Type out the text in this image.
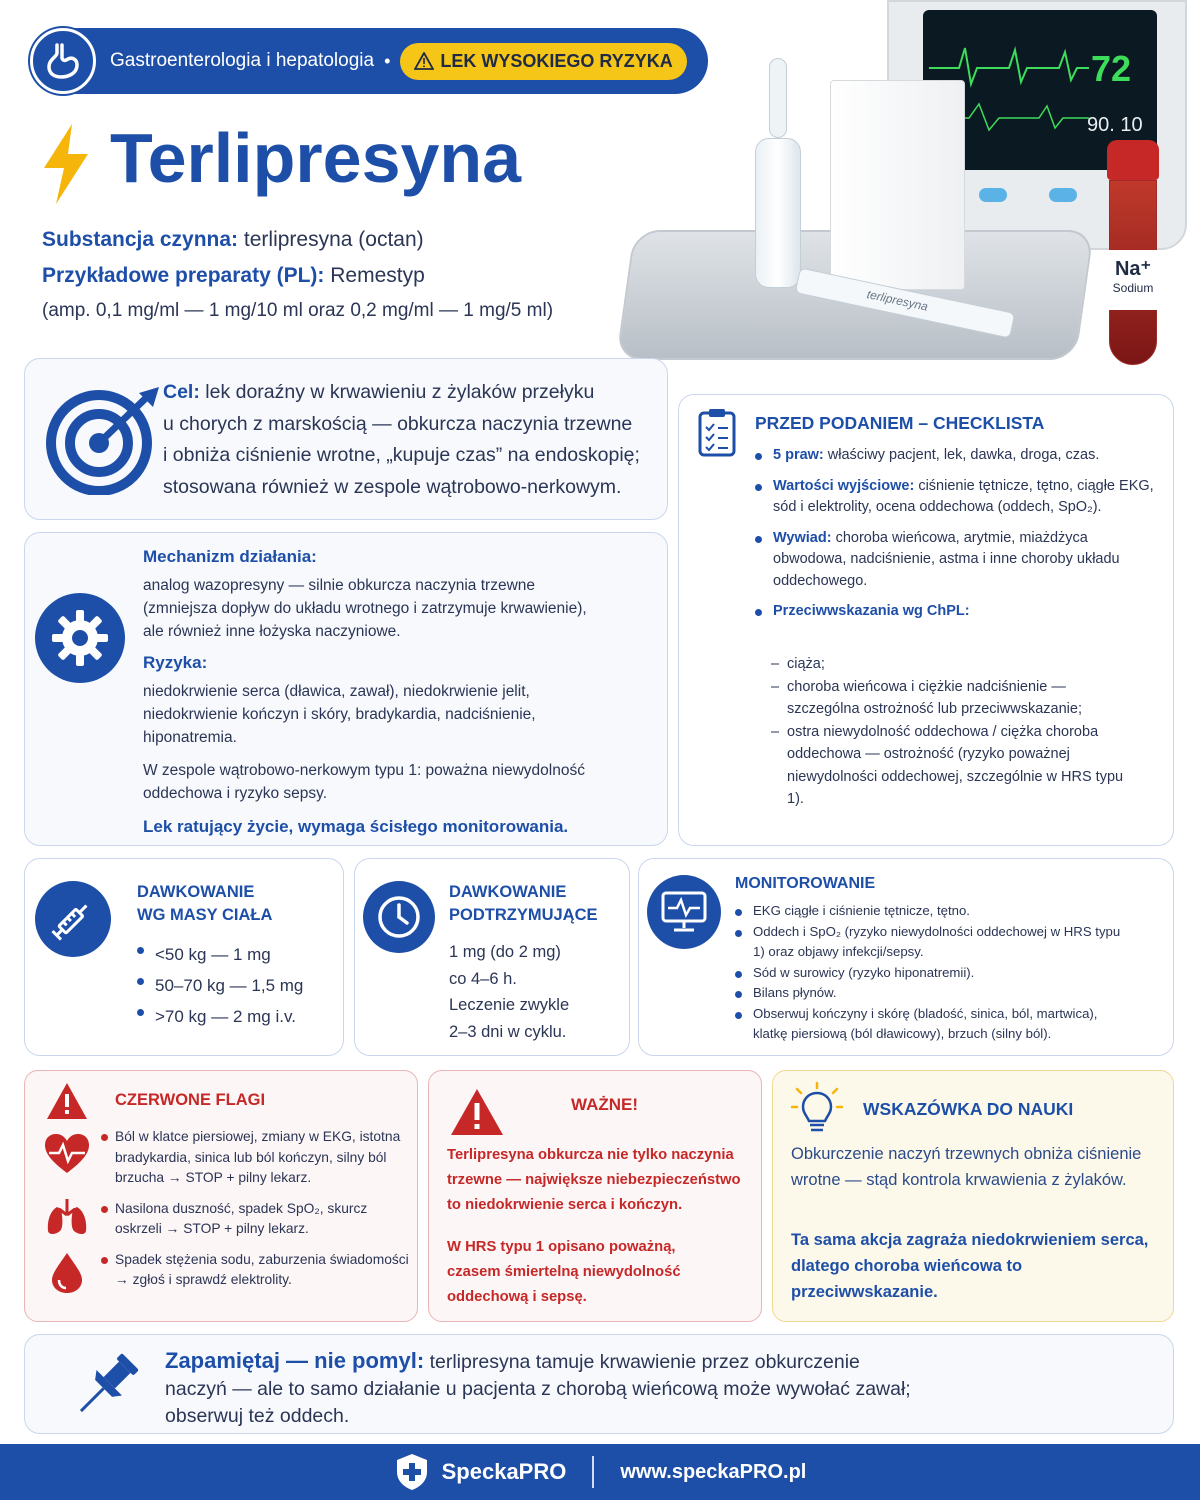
Gastroenterologia i hepatologia •	LEK WYSOKIEGO RYZYKA
Terlipresyna
Substancja czynna: terlipresyna (octan)
Przykładowe preparaty (PL): Remestyp
(amp. 0,1 mg/ml — 1 mg/10 ml oraz 0,2 mg/ml — 1 mg/5 ml)
72
90. 10
terlipresyna
Na⁺
Sodium
Cel: lek doraźny w krwawieniu z żylaków przełyku
u chorych z marskością — obkurcza naczynia trzewne
i obniża ciśnienie wrotne, „kupuje czas” na endoskopię;
stosowana również w zespole wątrobowo-nerkowym.
Mechanizm działania:
analog wazopresyny — silnie obkurcza naczynia trzewne
(zmniejsza dopływ do układu wrotnego i zatrzymuje krwawienie),
ale również inne łożyska naczyniowe.
Ryzyka:
niedokrwienie serca (dławica, zawał), niedokrwienie jelit,
niedokrwienie kończyn i skóry, bradykardia, nadciśnienie,
hiponatremia.
W zespole wątrobowo-nerkowym typu 1: poważna niewydolność
oddechowa i ryzyko sepsy.
Lek ratujący życie, wymaga ścisłego monitorowania.
PRZED PODANIEM – CHECKLISTA
5 praw: właściwy pacjent, lek, dawka, droga, czas.
Wartości wyjściowe: ciśnienie tętnicze, tętno, ciągłe EKG, sód i elektrolity, ocena oddechowa (oddech, SpO₂).
Wywiad: choroba wieńcowa, arytmie, miażdżyca obwodowa, nadciśnienie, astma i inne choroby układu oddechowego.
Przeciwwskazania wg ChPL:
– ciąża;
– choroba wieńcowa i ciężkie nadciśnienie — szczególna ostrożność lub przeciwwskazanie;
– ostra niewydolność oddechowa / ciężka choroba oddechowa — ostrożność (ryzyko poważnej niewydolności oddechowej, szczególnie w HRS typu 1).
DAWKOWANIE
WG MASY CIAŁA
<50 kg — 1 mg
50–70 kg — 1,5 mg
>70 kg — 2 mg i.v.
DAWKOWANIE
PODTRZYMUJĄCE
1 mg (do 2 mg)
co 4–6 h.
Leczenie zwykle
2–3 dni w cyklu.
MONITOROWANIE
EKG ciągłe i ciśnienie tętnicze, tętno.
Oddech i SpO₂ (ryzyko niewydolności oddechowej w HRS typu 1) oraz objawy infekcji/sepsy.
Sód w surowicy (ryzyko hiponatremii).
Bilans płynów.
Obserwuj kończyny i skórę (bladość, sinica, ból, martwica), klatkę piersiową (ból dławicowy), brzuch (silny ból).
CZERWONE FLAGI
Ból w klatce piersiowej, zmiany w EKG, istotna bradykardia, sinica lub ból kończyn, silny ból brzucha → STOP + pilny lekarz.
Nasilona duszność, spadek SpO₂, skurcz oskrzeli → STOP + pilny lekarz.
Spadek stężenia sodu, zaburzenia świadomości → zgłoś i sprawdź elektrolity.
WAŻNE!
Terlipresyna obkurcza nie tylko naczynia trzewne — największe niebezpieczeństwo to niedokrwienie serca i kończyn.
W HRS typu 1 opisano poważną, czasem śmiertelną niewydolność oddechową i sepsę.
WSKAZÓWKA DO NAUKI
Obkurczenie naczyń trzewnych obniża ciśnienie wrotne — stąd kontrola krwawienia z żylaków.
Ta sama akcja zagraża niedokrwieniem serca, dlatego choroba wieńcowa to przeciwwskazanie.
Zapamiętaj — nie pomyl: terlipresyna tamuje krwawienie przez obkurczenie
naczyń — ale to samo działanie u pacjenta z chorobą wieńcową może wywołać zawał;
obserwuj też oddech.
SpeckaPRO	www.speckaPRO.pl
